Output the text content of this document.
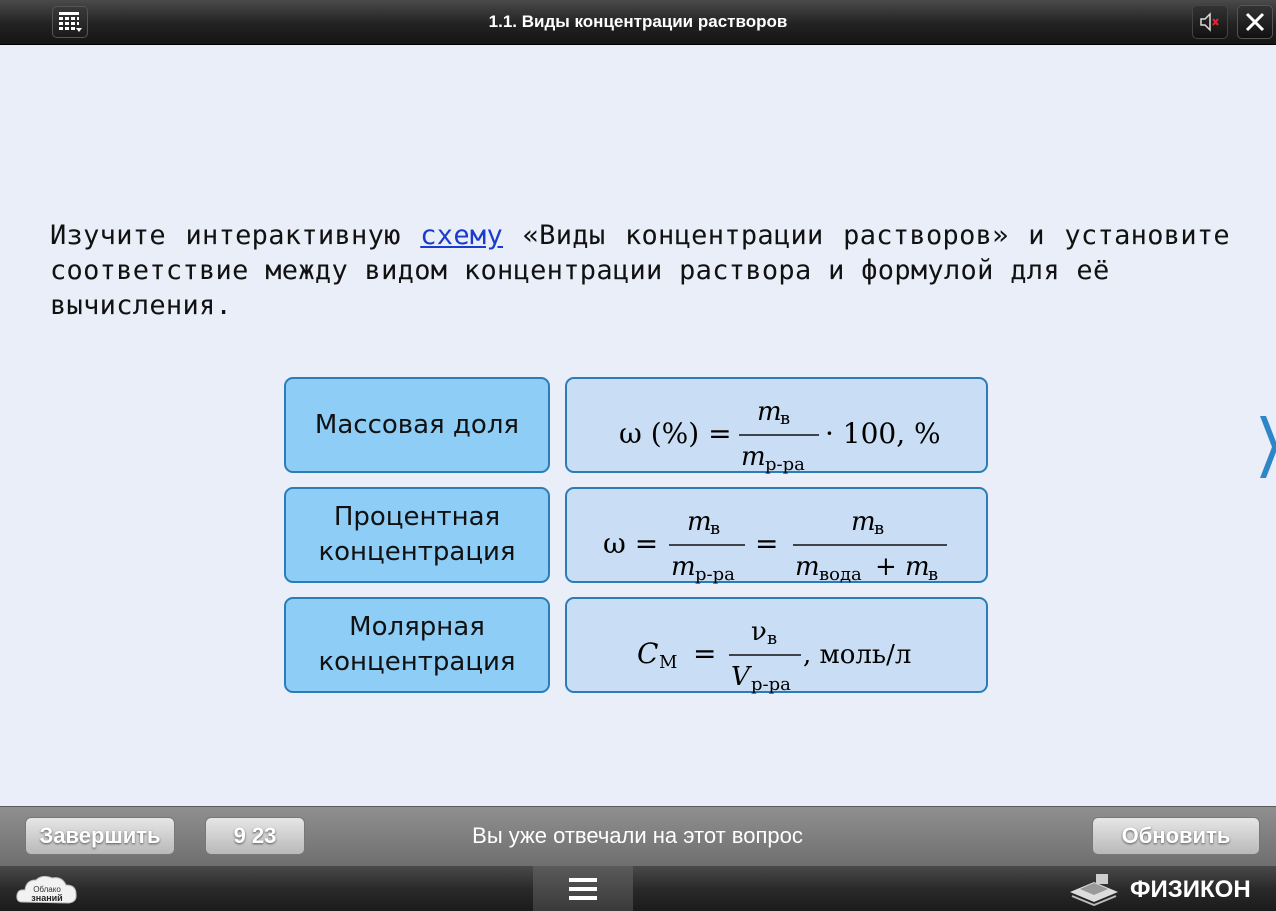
1.1. Виды концентрации растворов
Изучите интерактивную схему «Виды концентрации растворов» и установите соответствие между видом концентрации раствора и формулой для её
вычисления.
Массовая доля	ω (%) =
m
в
m р-ра
· 100, %
Процентная концентрация	ω =
m
в
m р-ра
=
m
в
m вода + m
в
Молярная концентрация	C M =
ν в
V р-ра
, моль/л
Завершить	9 23	Вы уже отвечали на этот вопрос	Обновить
Облако
знаний	ФИЗИКОН
